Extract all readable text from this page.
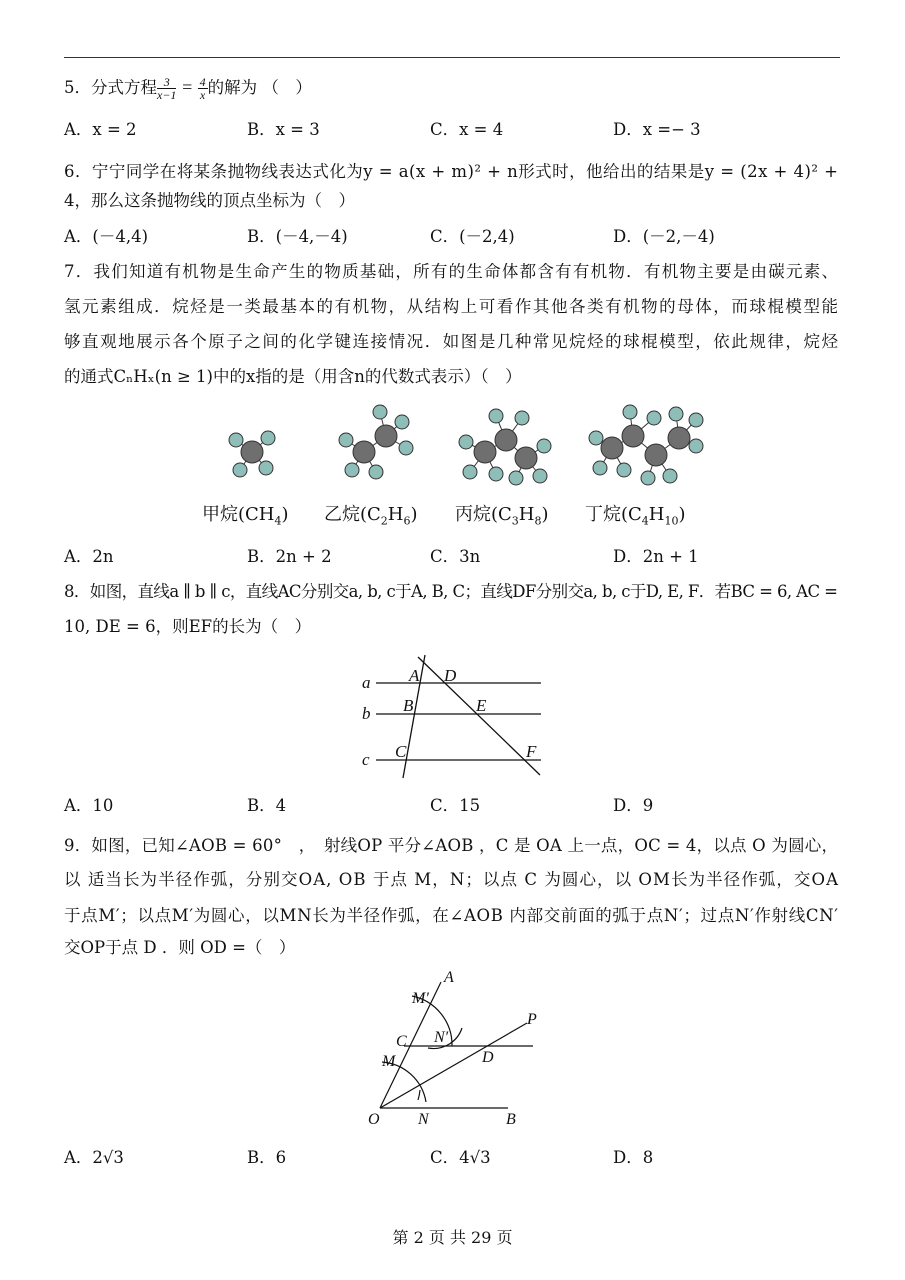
5．分式方程 $\frac{3}{x-1} = \frac{4}{x}$ 的解为 （　）
A．x = 2	B．x = 3	C．x = 4	D．x =− 3
6．宁宁同学在将某条抛物线表达式化为y = a(x + m)² + n形式时，他给出的结果是y = (2x + 4)² +
4，那么这条抛物线的顶点坐标为（　）
A．(－4,4)	B．(－4,－4)	C．(－2,4)	D．(－2,－4)
7．我们知道有机物是生命产生的物质基础，所有的生命体都含有有机物．有机物主要是由碳元素、
氢元素组成．烷烃是一类最基本的有机物，从结构上可看作其他各类有机物的母体，而球棍模型能
够直观地展示各个原子之间的化学键连接情况．如图是几种常见烷烃的球棍模型，依此规律，烷烃
的通式CₙHₓ(n ≥ 1)中的x指的是（用含n的代数式表示）（　）
a
b
c
A D
B	E
C	F
A
M′
C N′
D
P
M
O N	B
甲烷$(CH_4)$ 乙烷$(C_2H_6)$ 丙烷$(C_3H_8)$ 丁烷$(C_4H_{10})$
A．2n	B．2n + 2	C．3n	D．2n + 1
8．如图，直线a ∥ b ∥ c，直线AC分别交a, b, c于A, B, C；直线DF分别交a, b, c于D, E, F．若BC = 6, AC =
10, DE = 6，则EF的长为（　）
A．10	B．4	C．15	D．9
9．如图，已知∠AOB = 60°　，　射线OP 平分∠AOB ，C 是 OA 上一点，OC = 4，以点 O 为圆心，
以 适当长为半径作弧，分别交OA, OB 于点 M，N；以点 C 为圆心，以 OM长为半径作弧，交OA
于点M′；以点M′为圆心，以MN长为半径作弧，在∠AOB 内部交前面的弧于点N′；过点N′作射线CN′
交OP于点 D ．则 OD =（　）
A．2√3	B．6	C．4√3	D．8
第 2 页 共 29 页
